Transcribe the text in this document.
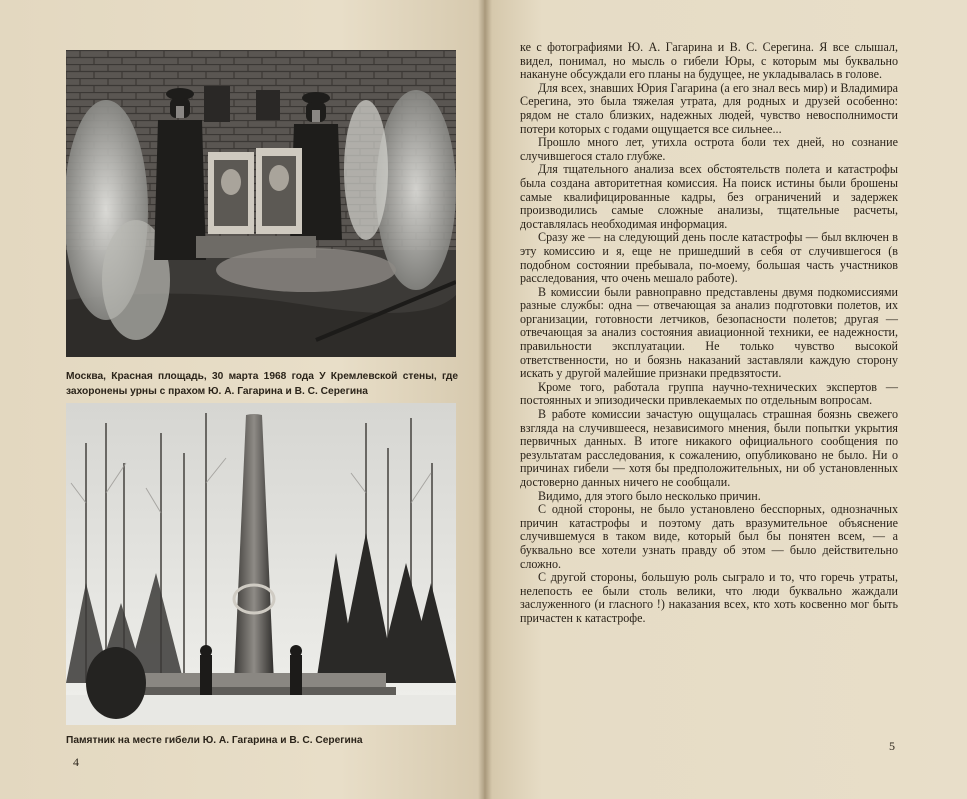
Москва, Красная площадь, 30 марта 1968 года У Кремлевской стены, где захоронены урны с прахом Ю. А. Гагарина и В. С. Серегина
Памятник на месте гибели Ю. А. Гагарина и В. С. Серегина
4

ке с фотографиями Ю. А. Гагарина и В. С. Серегина. Я все слышал, видел, понимал, но мысль о гибели Юры, с которым мы буквально накануне обсуждали его планы на будущее, не укладывалась в голове.

Для всех, знавших Юрия Гагарина (а его знал весь мир) и Владимира Серегина, это была тяжелая утрата, для родных и друзей особенно: рядом не стало близких, надежных людей, чувство невосполнимости потери которых с годами ощущается все сильнее...

Прошло много лет, утихла острота боли тех дней, но сознание случившегося стало глубже.

Для тщательного анализа всех обстоятельств полета и катастрофы была создана авторитетная комиссия. На поиск истины были брошены самые квалифицированные кадры, без ограничений и задержек производились самые сложные анализы, тщательные расчеты, доставлялась необходимая информация.

Сразу же — на следующий день после катастрофы — был включен в эту комиссию и я, еще не пришедший в себя от случившегося (в подобном состоянии пребывала, по-моему, большая часть участников расследования, что очень мешало работе).

В комиссии были равноправно представлены двумя подкомиссиями разные службы: одна — отвечающая за анализ подготовки полетов, их организации, готовности летчиков, безопасности полетов; другая — отвечающая за анализ состояния авиационной техники, ее надежности, правильности эксплуатации. Не только чувство высокой ответственности, но и боязнь наказаний заставляли каждую сторону искать у другой малейшие признаки предвзятости.

Кроме того, работала группа научно-технических экспертов — постоянных и эпизодически привлекаемых по отдельным вопросам.

В работе комиссии зачастую ощущалась страшная боязнь свежего взгляда на случившееся, независимого мнения, были попытки укрытия первичных данных. В итоге никакого официального сообщения по результатам расследования, к сожалению, опубликовано не было. Ни о причинах гибели — хотя бы предположительных, ни об установленных достоверно данных ничего не сообщали.

Видимо, для этого было несколько причин.

С одной стороны, не было установлено бесспорных, однозначных причин катастрофы и поэтому дать вразумительное объяснение случившемуся в таком виде, который был бы понятен всем, — а буквально все хотели узнать правду об этом — было действительно сложно.

С другой стороны, большую роль сыграло и то, что горечь утраты, нелепость ее были столь велики, что люди буквально жаждали заслуженного (и гласного !) наказания всех, кто хоть косвенно мог быть причастен к катастрофе.

5
